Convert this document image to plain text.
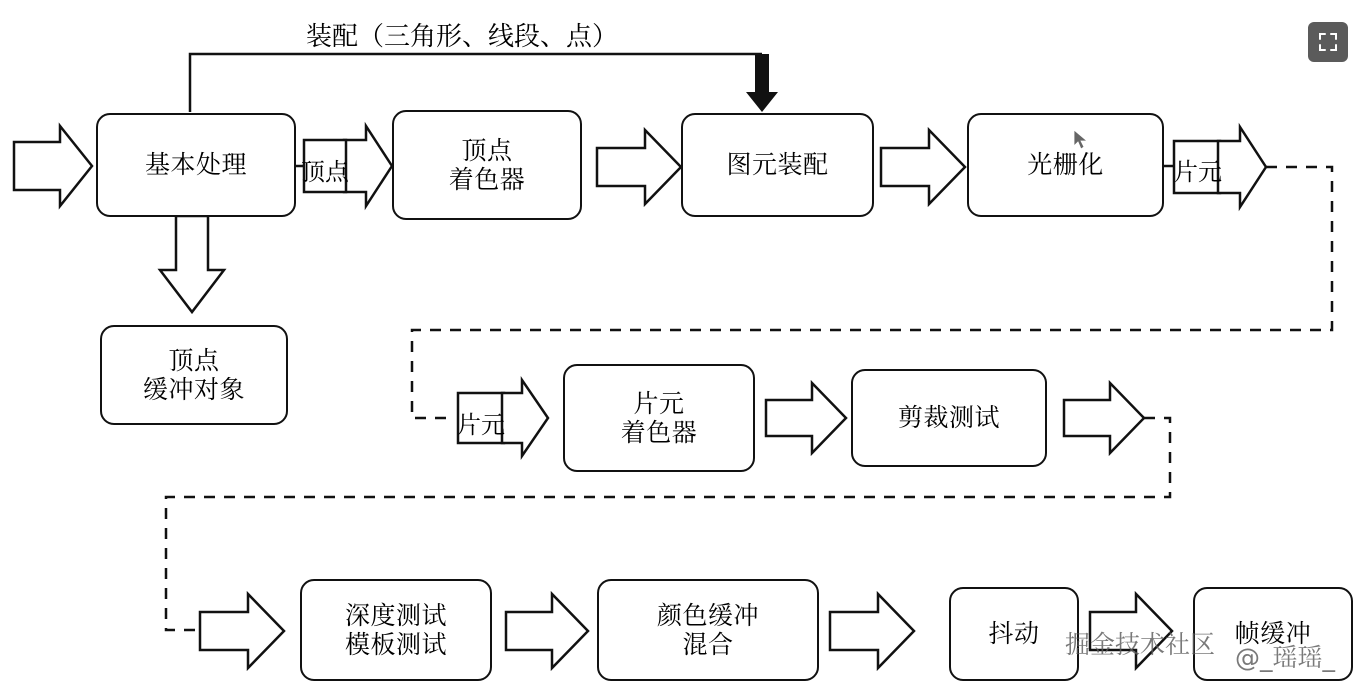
装配（三角形、线段、点）
基本处理
顶点
着色器
图元装配	光栅化
顶点
缓冲对象	片元
着色器
剪裁测试
深度测试
模板测试
颜色缓冲
混合	抖动	帧缓冲
顶点	片元
片元
掘金技术社区 @_瑶瑶_
